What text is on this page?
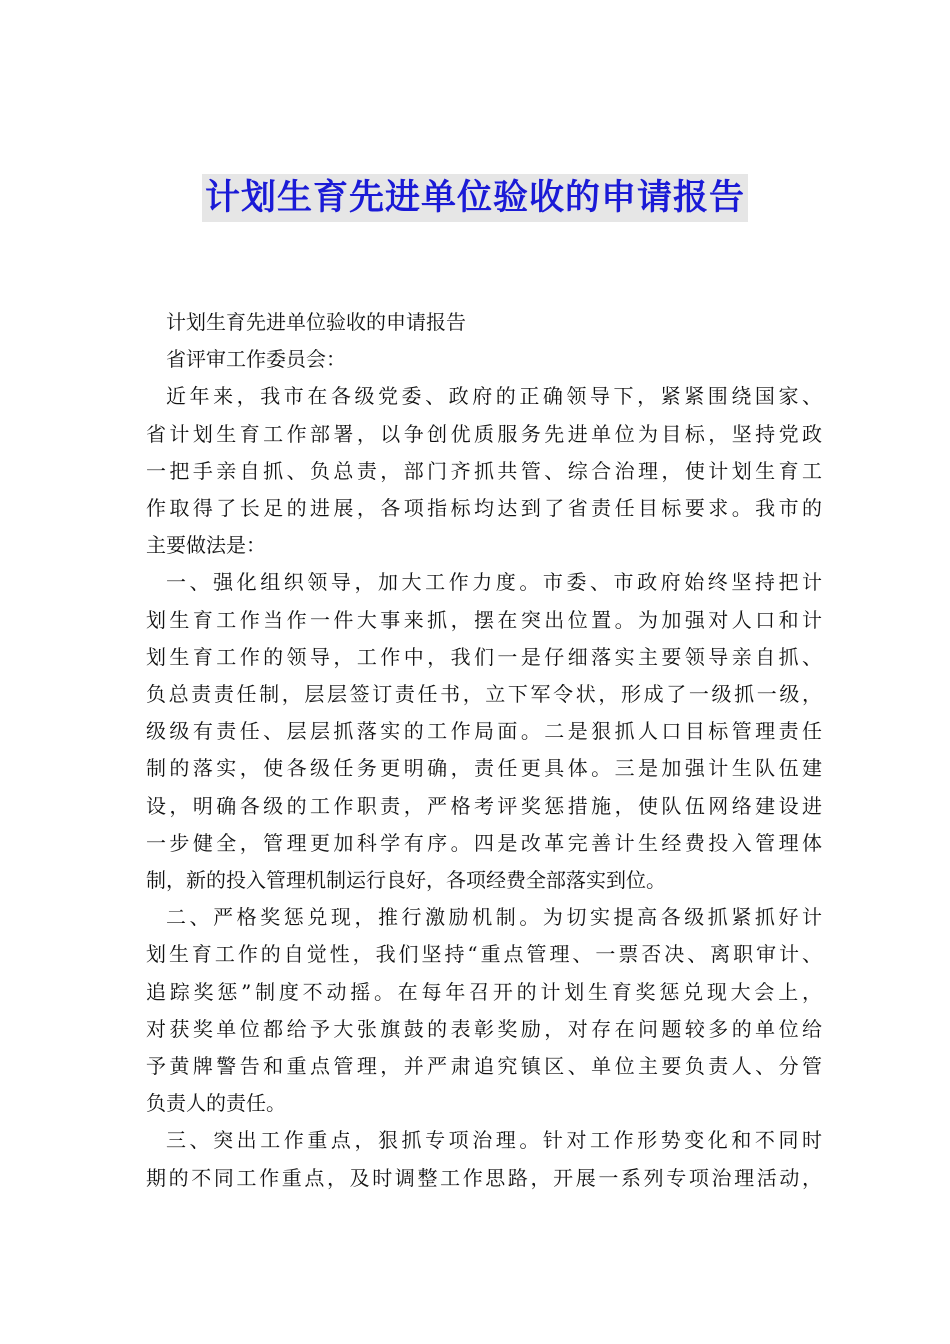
计划生育先进单位验收的申请报告
计划生育先进单位验收的申请报告
省评审工作委员会：
近年来，我市在各级党委、政府的正确领导下，紧紧围绕国家、
省计划生育工作部署，以争创优质服务先进单位为目标，坚持党政
一把手亲自抓、负总责，部门齐抓共管、综合治理，使计划生育工
作取得了长足的进展，各项指标均达到了省责任目标要求。我市的
主要做法是：
一、强化组织领导，加大工作力度。市委、市政府始终坚持把计
划生育工作当作一件大事来抓，摆在突出位置。为加强对人口和计
划生育工作的领导，工作中，我们一是仔细落实主要领导亲自抓、
负总责责任制，层层签订责任书，立下军令状，形成了一级抓一级，
级级有责任、层层抓落实的工作局面。二是狠抓人口目标管理责任
制的落实，使各级任务更明确，责任更具体。三是加强计生队伍建
设，明确各级的工作职责，严格考评奖惩措施，使队伍网络建设进
一步健全，管理更加科学有序。四是改革完善计生经费投入管理体
制，新的投入管理机制运行良好，各项经费全部落实到位。
二、严格奖惩兑现，推行激励机制。为切实提高各级抓紧抓好计
划生育工作的自觉性，我们坚持“重点管理、一票否决、离职审计、
追踪奖惩”制度不动摇。在每年召开的计划生育奖惩兑现大会上，
对获奖单位都给予大张旗鼓的表彰奖励，对存在问题较多的单位给
予黄牌警告和重点管理，并严肃追究镇区、单位主要负责人、分管
负责人的责任。
三、突出工作重点，狠抓专项治理。针对工作形势变化和不同时
期的不同工作重点，及时调整工作思路，开展一系列专项治理活动，
